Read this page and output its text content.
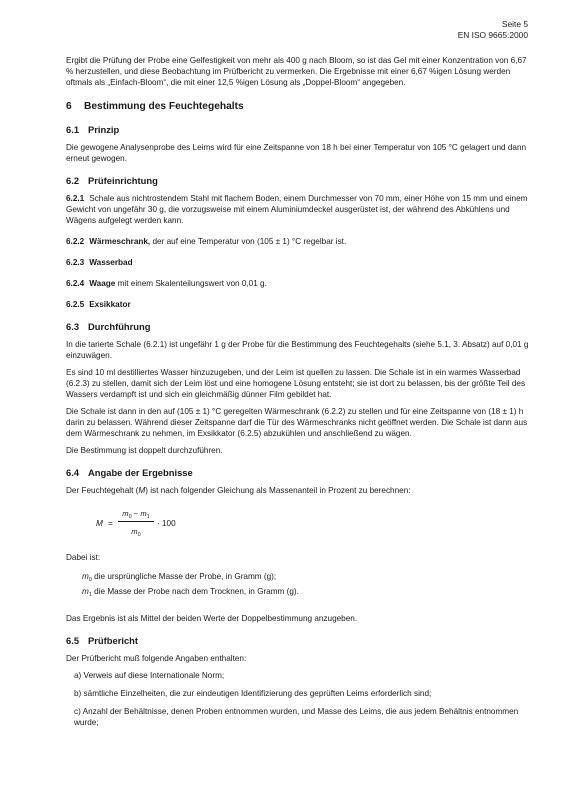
Seite 5
EN ISO 9665:2000

Ergibt die Prüfung der Probe eine Gelfestigkeit von mehr als 400 g nach Bloom, so ist das Gel mit einer Konzentration von 6,67 % herzustellen, und diese Beobachtung im Prüfbericht zu vermerken. Die Ergebnisse mit einer 6,67 %igen Lösung werden oftmals als „Einfach-Bloom“, die mit einer 12,5 %igen Lösung als „Doppel-Bloom“ angegeben.

6 Bestimmung des Feuchtegehalts
6.1 Prinzip

Die gewogene Analysenprobe des Leims wird für eine Zeitspanne von 18 h bei einer Temperatur von 105 °C gelagert und dann erneut gewogen.

6.2 Prüfeinrichtung

6.2.1 Schale aus nichtrostendem Stahl mit flachem Boden, einem Durchmesser von 70 mm, einer Höhe von 15 mm und einem Gewicht von ungefähr 30 g, die vorzugsweise mit einem Aluminiumdeckel ausgerüstet ist, der während des Abkühlens und Wägens aufgelegt werden kann.

6.2.2 Wärmeschrank, der auf eine Temperatur von (105 ± 1) °C regelbar ist.

6.2.3 Wasserbad

6.2.4 Waage mit einem Skalenteilungswert von 0,01 g.

6.2.5 Exsikkator

6.3 Durchführung

In die tarierte Schale (6.2.1) ist ungefähr 1 g der Probe für die Bestimmung des Feuchtegehalts (siehe 5.1, 3. Absatz) auf 0,01 g einzuwägen.

Es sind 10 ml destilliertes Wasser hinzuzugeben, und der Leim ist quellen zu lassen. Die Schale ist in ein warmes Wasserbad (6.2.3) zu stellen, damit sich der Leim löst und eine homogene Lösung entsteht; sie ist dort zu belassen, bis der größte Teil des Wassers verdampft ist und sich ein gleichmäßig dünner Film gebildet hat.

Die Schale ist dann in den auf (105 ± 1) °C geregelten Wärmeschrank (6.2.2) zu stellen und für eine Zeitspanne von (18 ± 1) h darin zu belassen. Während dieser Zeitspanne darf die Tür des Wärmeschranks nicht geöffnet werden. Die Schale ist dann aus dem Wärmeschrank zu nehmen, im Exsikkator (6.2.5) abzukühlen und anschließend zu wägen.

Die Bestimmung ist doppelt durchzuführen.

6.4 Angabe der Ergebnisse

Der Feuchtegehalt (M) ist nach folgender Gleichung als Massenanteil in Prozent zu berechnen:

M =
$m_0 - m_1$
$m_0$
· 100

Dabei ist:

$m_0$ die ursprüngliche Masse der Probe, in Gramm (g);
$m_1$ die Masse der Probe nach dem Trocknen, in Gramm (g).

Das Ergebnis ist als Mittel der beiden Werte der Doppelbestimmung anzugeben.

6.5 Prüfbericht

Der Prüfbericht muß folgende Angaben enthalten:

a) Verweis auf diese Internationale Norm;

b) sämtliche Einzelheiten, die zur eindeutigen Identifizierung des geprüften Leims erforderlich sind;

c) Anzahl der Behältnisse, denen Proben entnommen wurden, und Masse des Leims, die aus jedem Behältnis entnommen wurde;
